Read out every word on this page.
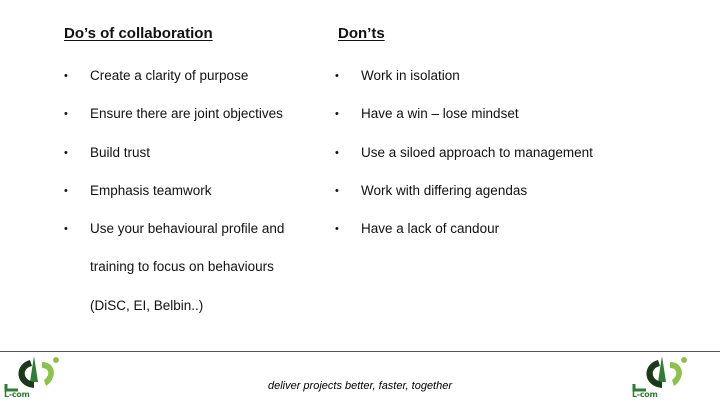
Do’s of collaboration	Don’ts
• Create a clarity of purpose
• Ensure there are joint objectives
• Build trust
• Emphasis teamwork
• Use your behavioural profile and training to focus on behaviours (DiSC, EI, Belbin..)
• Work in isolation
• Have a win – lose mindset
• Use a siloed approach to management
• Work with differing agendas
• Have a lack of candour
L-com
deliver projects better, faster, together
L-com
